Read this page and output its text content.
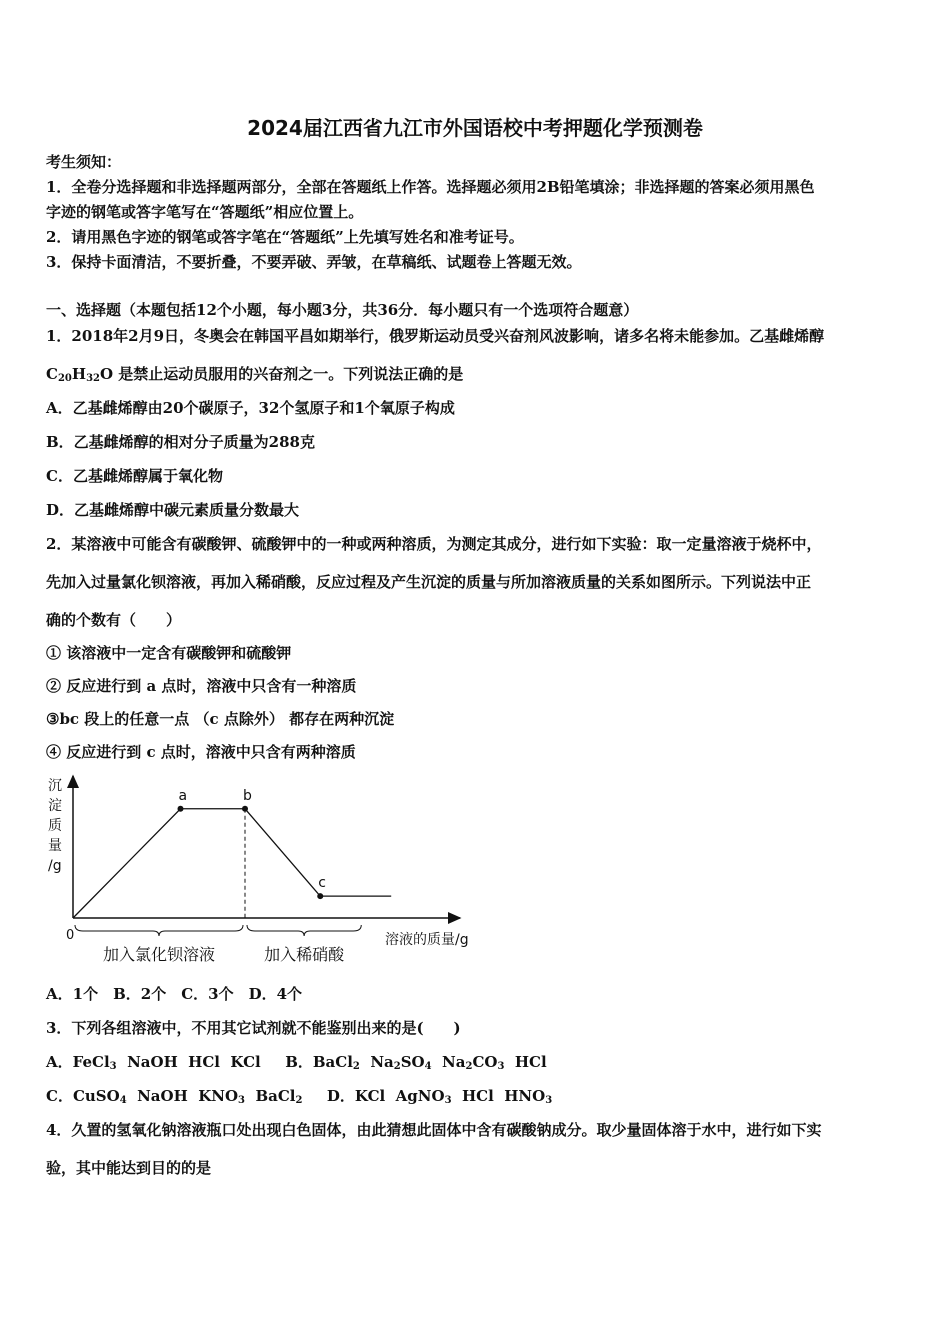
2024届江西省九江市外国语校中考押题化学预测卷
考生须知：
1．全卷分选择题和非选择题两部分，全部在答题纸上作答。选择题必须用2B铅笔填涂；非选择题的答案必须用黑色
字迹的钢笔或答字笔写在“答题纸”相应位置上。
2．请用黑色字迹的钢笔或答字笔在“答题纸”上先填写姓名和准考证号。
3．保持卡面清洁，不要折叠，不要弄破、弄皱，在草稿纸、试题卷上答题无效。
一、选择题（本题包括12个小题，每小题3分，共36分．每小题只有一个选项符合题意）
1．2018年2月9日，冬奥会在韩国平昌如期举行，俄罗斯运动员受兴奋剂风波影响，诸多名将未能参加。乙基雌烯醇
$C_{20}H_{32}O$ 是禁止运动员服用的兴奋剂之一。下列说法正确的是
A．乙基雌烯醇由20个碳原子，32个氢原子和1个氧原子构成
B．乙基雌烯醇的相对分子质量为288克
C．乙基雌烯醇属于氧化物
D．乙基雌烯醇中碳元素质量分数最大
2．某溶液中可能含有碳酸钾、硫酸钾中的一种或两种溶质，为测定其成分，进行如下实验：取一定量溶液于烧杯中，
先加入过量氯化钡溶液，再加入稀硝酸，反应过程及产生沉淀的质量与所加溶液质量的关系如图所示。下列说法中正
确的个数有（　　）
① 该溶液中一定含有碳酸钾和硫酸钾
② 反应进行到 a 点时，溶液中只含有一种溶质
③bc 段上的任意一点 （c 点除外） 都存在两种沉淀
④ 反应进行到 c 点时，溶液中只含有两种溶质
沉
淀
质
量
/g
0	溶液的质量/g
a	b
c
加入氯化钡溶液	加入稀硝酸
A．1个　B．2个　C．3个　D．4个
3．下列各组溶液中，不用其它试剂就不能鉴别出来的是(　　)
A．FeCl$_3$  NaOH  HCl  KCl B．BaCl$_2$  $Na_2SO_4$  $Na_2CO_3$  HCl
C．CuSO$_4$  NaOH  $KNO_3$  BaCl$_2$ D．KCl  AgNO$_3$  HCl  $HNO_3$
4．久置的氢氧化钠溶液瓶口处出现白色固体，由此猜想此固体中含有碳酸钠成分。取少量固体溶于水中，进行如下实
验，其中能达到目的的是
